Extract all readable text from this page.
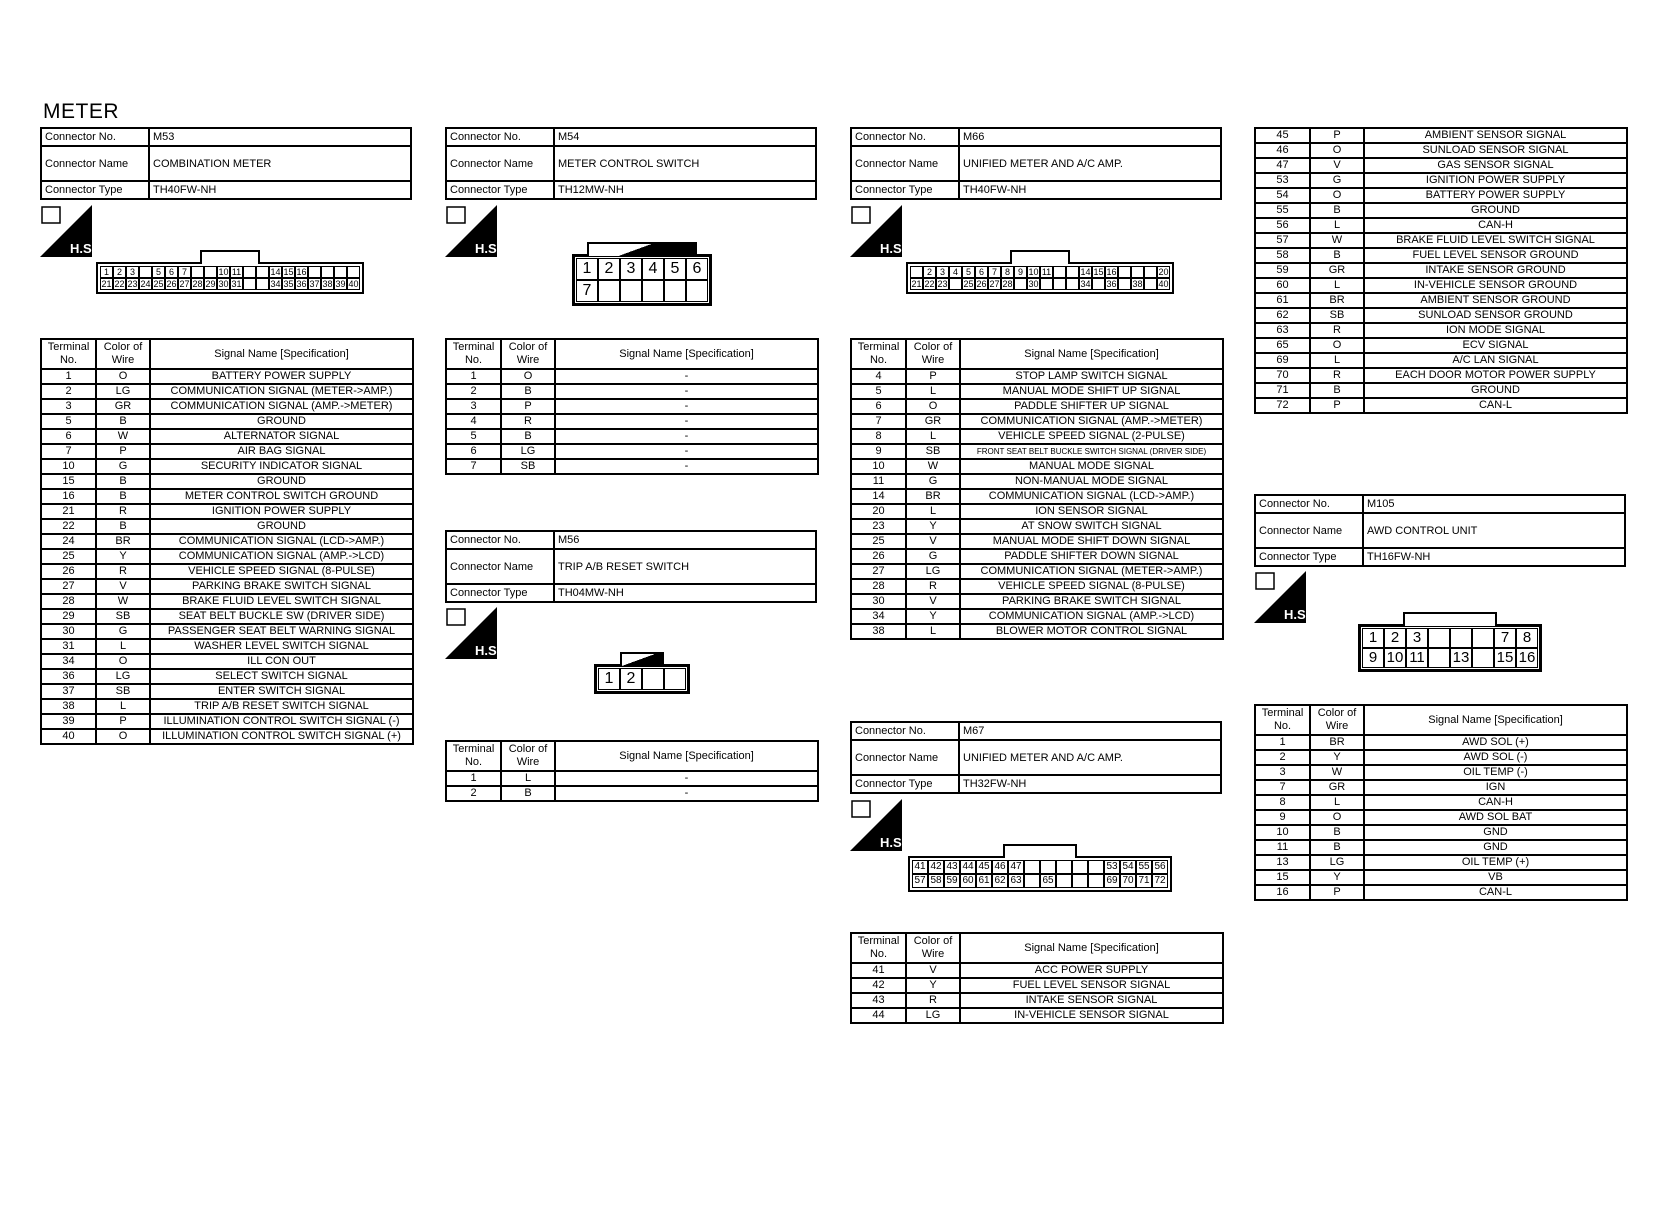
METER
Connector No.	M53
Connector Name	COMBINATION METER
Connector Type	TH40FW-NH
H.S.
1 2 3	5 6 7	10 11	14 15 16
21 22 23 24 25 26 27 28 29 30 31	34 35 36 37 38 39 40
Terminal No.	Color of Wire	Signal Name [Specification]
1	O	BATTERY POWER SUPPLY
2	LG	COMMUNICATION SIGNAL (METER->AMP.)
3	GR	COMMUNICATION SIGNAL (AMP.->METER)
5	B	GROUND
6	W	ALTERNATOR SIGNAL
7	P	AIR BAG SIGNAL
10	G	SECURITY INDICATOR SIGNAL
15	B	GROUND
16	B	METER CONTROL SWITCH GROUND
21	R	IGNITION POWER SUPPLY
22	B	GROUND
24	BR	COMMUNICATION SIGNAL (LCD->AMP.)
25	Y	COMMUNICATION SIGNAL (AMP.->LCD)
26	R	VEHICLE SPEED SIGNAL (8-PULSE)
27	V	PARKING BRAKE SWITCH SIGNAL
28	W	BRAKE FLUID LEVEL SWITCH SIGNAL
29	SB	SEAT BELT BUCKLE SW (DRIVER SIDE)
30	G	PASSENGER SEAT BELT WARNING SIGNAL
31	L	WASHER LEVEL SWITCH SIGNAL
34	O	ILL CON OUT
36	LG	SELECT SWITCH SIGNAL
37	SB	ENTER SWITCH SIGNAL
38	L	TRIP A/B RESET SWITCH SIGNAL
39	P	ILLUMINATION CONTROL SWITCH SIGNAL (-)
40	O	ILLUMINATION CONTROL SWITCH SIGNAL (+)
Connector No.	M54
Connector Name	METER CONTROL SWITCH
Connector Type	TH12MW-NH
H.S.
1 2 3 4 5 6
7
Terminal No.	Color of Wire	Signal Name [Specification]
1	O	-
2	B	-
3	P	-
4	R	-
5	B	-
6	LG	-
7	SB	-
Connector No.	M56
Connector Name	TRIP A/B RESET SWITCH
Connector Type	TH04MW-NH
H.S.
1 2
Terminal No.	Color of Wire	Signal Name [Specification]
1	L	-
2	B	-
Connector No.	M66
Connector Name	UNIFIED METER AND A/C AMP.
Connector Type	TH40FW-NH
H.S.
2 3 4 5 6 7 8 9 10 11	14 15 16	20
21 22 23 25 26 27 28 30	34 36 38 40
Terminal No.	Color of Wire	Signal Name [Specification]
4	P	STOP LAMP SWITCH SIGNAL
5	L	MANUAL MODE SHIFT UP SIGNAL
6	O	PADDLE SHIFTER UP SIGNAL
7	GR	COMMUNICATION SIGNAL (AMP.->METER)
8	L	VEHICLE SPEED SIGNAL (2-PULSE)
9	SB	FRONT SEAT BELT BUCKLE SWITCH SIGNAL (DRIVER SIDE)
10	W	MANUAL MODE SIGNAL
11	G	NON-MANUAL MODE SIGNAL
14	BR	COMMUNICATION SIGNAL (LCD->AMP.)
20	L	ION SENSOR SIGNAL
23	Y	AT SNOW SWITCH SIGNAL
25	V	MANUAL MODE SHIFT DOWN SIGNAL
26	G	PADDLE SHIFTER DOWN SIGNAL
27	LG	COMMUNICATION SIGNAL (METER->AMP.)
28	R	VEHICLE SPEED SIGNAL (8-PULSE)
30	V	PARKING BRAKE SWITCH SIGNAL
34	Y	COMMUNICATION SIGNAL (AMP.->LCD)
38	L	BLOWER MOTOR CONTROL SIGNAL
Connector No.	M67
Connector Name	UNIFIED METER AND A/C AMP.
Connector Type	TH32FW-NH
H.S.
41 42 43 44 45 46 47	53 54 55 56
57 58 59 60 61 62 63 65	69 70 71 72
Terminal No.	Color of Wire	Signal Name [Specification]
41	V	ACC POWER SUPPLY
42	Y	FUEL LEVEL SENSOR SIGNAL
43	R	INTAKE SENSOR SIGNAL
44	LG	IN-VEHICLE SENSOR SIGNAL
45	P	AMBIENT SENSOR SIGNAL
46	O	SUNLOAD SENSOR SIGNAL
47	V	GAS SENSOR SIGNAL
53	G	IGNITION POWER SUPPLY
54	O	BATTERY POWER SUPPLY
55	B	GROUND
56	L	CAN-H
57	W	BRAKE FLUID LEVEL SWITCH SIGNAL
58	B	FUEL LEVEL SENSOR GROUND
59	GR	INTAKE SENSOR GROUND
60	L	IN-VEHICLE SENSOR GROUND
61	BR	AMBIENT SENSOR GROUND
62	SB	SUNLOAD SENSOR GROUND
63	R	ION MODE SIGNAL
65	O	ECV SIGNAL
69	L	A/C LAN SIGNAL
70	R	EACH DOOR MOTOR POWER SUPPLY
71	B	GROUND
72	P	CAN-L
Connector No.	M105
Connector Name	AWD CONTROL UNIT
Connector Type	TH16FW-NH
H.S.
1 2 3	7 8
9 10 11 13 15 16
Terminal No.	Color of Wire	Signal Name [Specification]
1	BR	AWD SOL (+)
2	Y	AWD SOL (-)
3	W	OIL TEMP (-)
7	GR	IGN
8	L	CAN-H
9	O	AWD SOL BAT
10	B	GND
11	B	GND
13	LG	OIL TEMP (+)
15	Y	VB
16	P	CAN-L
